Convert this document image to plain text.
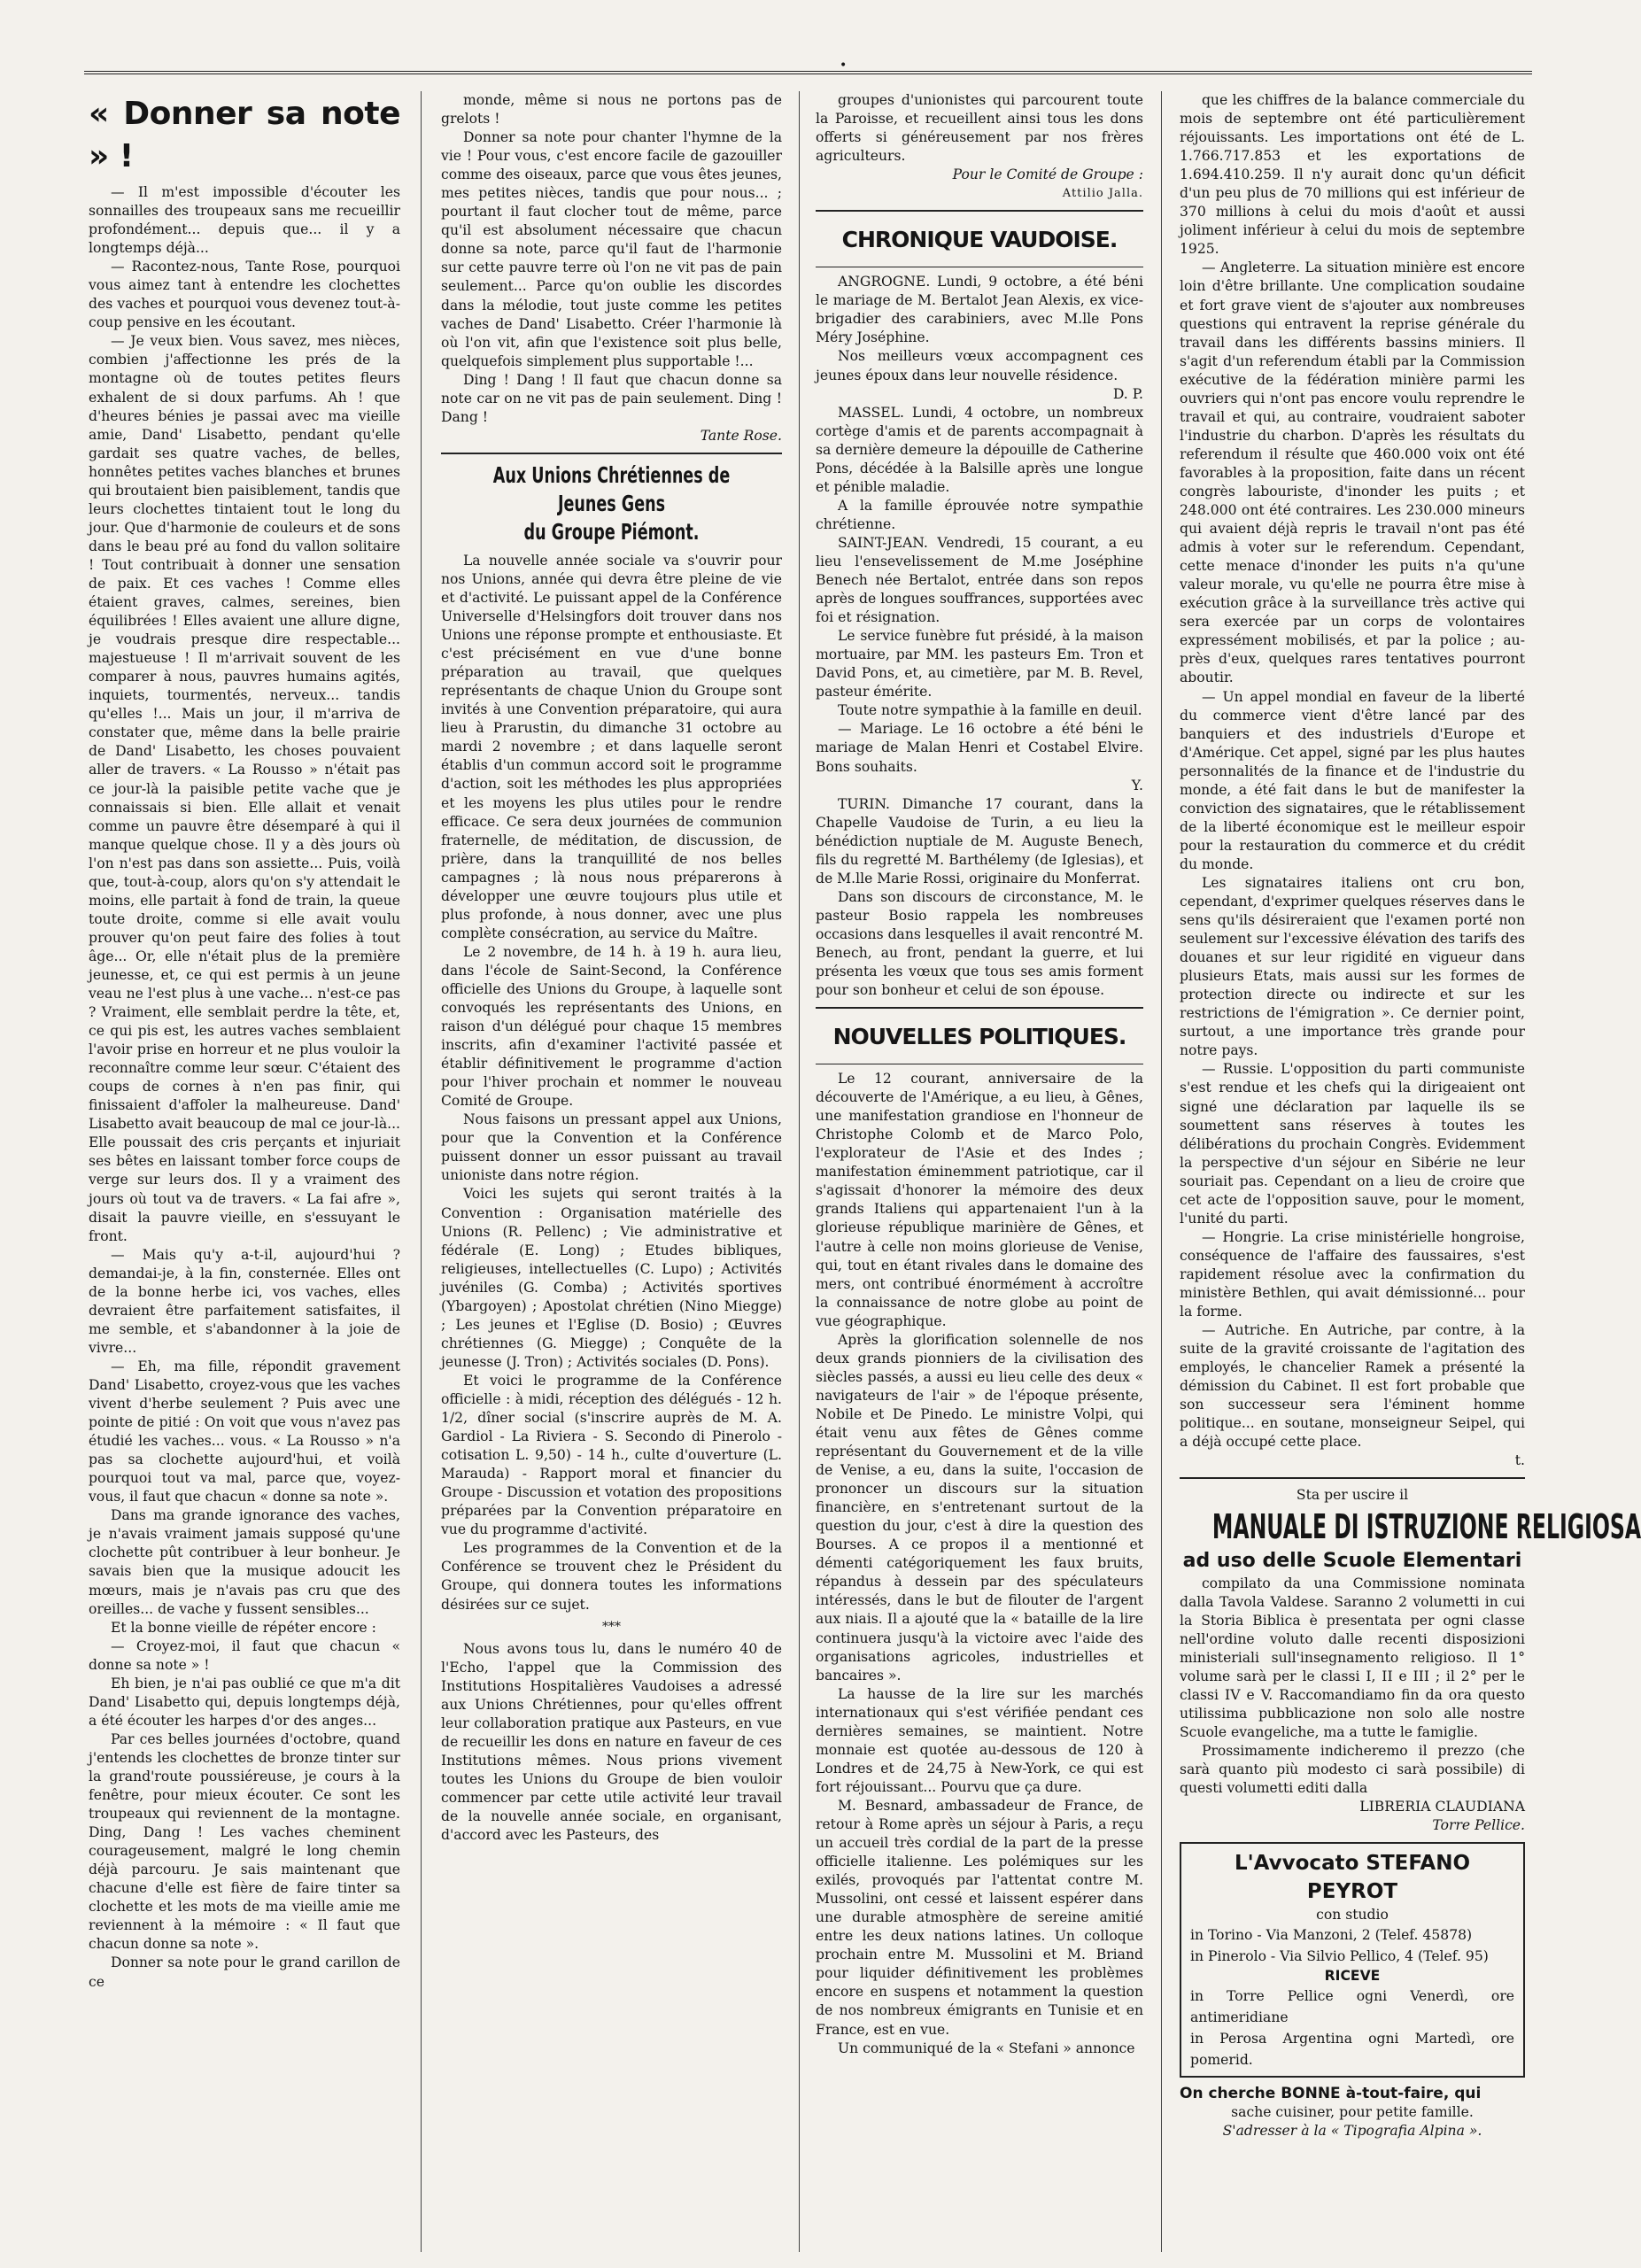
•
« Donner sa note » !

— Il m'est impossible d'écouter les sonnailles des troupeaux sans me recueillir profondément... depuis que... il y a longtemps déjà...

— Racontez-nous, Tante Rose, pourquoi vous aimez tant à entendre les clochettes des vaches et pourquoi vous devenez tout-à-coup pensive en les écoutant.

— Je veux bien. Vous savez, mes nièces, combien j'affectionne les prés de la montagne où de toutes petites fleurs exhalent de si doux parfums. Ah ! que d'heures bénies je passai avec ma vieille amie, Dand' Lisabetto, pendant qu'elle gardait ses quatre vaches, de belles, honnêtes petites vaches blanches et brunes qui broutaient bien paisiblement, tandis que leurs clochettes tintaient tout le long du jour. Que d'harmonie de couleurs et de sons dans le beau pré au fond du vallon solitaire ! Tout contribuait à donner une sensation de paix. Et ces vaches ! Comme elles étaient graves, calmes, sereines, bien équilibrées ! Elles avaient une allure digne, je voudrais presque dire respectable... majestueuse ! Il m'arrivait souvent de les comparer à nous, pauvres humains agités, inquiets, tourmentés, nerveux... tandis qu'elles !... Mais un jour, il m'arriva de constater que, même dans la belle prairie de Dand' Lisabetto, les choses pouvaient aller de travers. « La Rousso » n'était pas ce jour-là la paisible petite vache que je connaissais si bien. Elle allait et venait comme un pauvre être désemparé à qui il manque quelque chose. Il y a dès jours où l'on n'est pas dans son assiette... Puis, voilà que, tout-à-coup, alors qu'on s'y attendait le moins, elle partait à fond de train, la queue toute droite, comme si elle avait voulu prouver qu'on peut faire des folies à tout âge... Or, elle n'était plus de la première jeunesse, et, ce qui est permis à un jeune veau ne l'est plus à une vache... n'est-ce pas ? Vraiment, elle semblait perdre la tête, et, ce qui pis est, les autres vaches semblaient l'avoir prise en horreur et ne plus vouloir la reconnaître comme leur sœur. C'étaient des coups de cornes à n'en pas finir, qui finissaient d'affoler la malheureuse. Dand' Lisabetto avait beaucoup de mal ce jour-là... Elle poussait des cris perçants et injuriait ses bêtes en laissant tomber force coups de verge sur leurs dos. Il y a vraiment des jours où tout va de travers. « La fai afre », disait la pauvre vieille, en s'essuyant le front.

— Mais qu'y a-t-il, aujourd'hui ? demandai-je, à la fin, consternée. Elles ont de la bonne herbe ici, vos vaches, elles devraient être parfaitement satisfaites, il me semble, et s'abandonner à la joie de vivre...

— Eh, ma fille, répondit gravement Dand' Lisabetto, croyez-vous que les vaches vivent d'herbe seulement ? Puis avec une pointe de pitié : On voit que vous n'avez pas étudié les vaches... vous. « La Rousso » n'a pas sa clochette aujourd'hui, et voilà pourquoi tout va mal, parce que, voyez-vous, il faut que chacun « donne sa note ».

Dans ma grande ignorance des vaches, je n'avais vraiment jamais supposé qu'une clochette pût contribuer à leur bonheur. Je savais bien que la musique adoucit les mœurs, mais je n'avais pas cru que des oreilles... de vache y fussent sensibles...

Et la bonne vieille de répéter encore :

— Croyez-moi, il faut que chacun « donne sa note » !

Eh bien, je n'ai pas oublié ce que m'a dit Dand' Lisabetto qui, depuis longtemps déjà, a été écouter les harpes d'or des anges...

Par ces belles journées d'octobre, quand j'entends les clochettes de bronze tinter sur la grand'route poussiéreuse, je cours à la fenêtre, pour mieux écouter. Ce sont les troupeaux qui reviennent de la montagne. Ding, Dang ! Les vaches cheminent courageusement, malgré le long chemin déjà parcouru. Je sais maintenant que chacune d'elle est fière de faire tinter sa clochette et les mots de ma vieille amie me reviennent à la mémoire : « Il faut que chacun donne sa note ».

Donner sa note pour le grand carillon de ce

monde, même si nous ne portons pas de grelots !

Donner sa note pour chanter l'hymne de la vie ! Pour vous, c'est encore facile de gazouiller comme des oiseaux, parce que vous êtes jeunes, mes petites nièces, tandis que pour nous... ; pourtant il faut clocher tout de même, parce qu'il est absolument nécessaire que chacun donne sa note, parce qu'il faut de l'harmonie sur cette pauvre terre où l'on ne vit pas de pain seulement... Parce qu'on oublie les discordes dans la mélodie, tout juste comme les petites vaches de Dand' Lisabetto. Créer l'harmonie là où l'on vit, afin que l'existence soit plus belle, quelquefois simplement plus supportable !...

Ding ! Dang ! Il faut que chacun donne sa note car on ne vit pas de pain seulement. Ding ! Dang !

Tante Rose.
Aux Unions Chrétiennes de Jeunes Gens
du Groupe Piémont.

La nouvelle année sociale va s'ouvrir pour nos Unions, année qui devra être pleine de vie et d'activité. Le puissant appel de la Conférence Universelle d'Helsingfors doit trouver dans nos Unions une réponse prompte et enthousiaste. Et c'est précisément en vue d'une bonne préparation au travail, que quelques représentants de chaque Union du Groupe sont invités à une Convention préparatoire, qui aura lieu à Prarustin, du dimanche 31 octobre au mardi 2 novembre ; et dans laquelle seront établis d'un commun accord soit le programme d'action, soit les méthodes les plus appropriées et les moyens les plus utiles pour le rendre efficace. Ce sera deux journées de communion fraternelle, de méditation, de discussion, de prière, dans la tranquillité de nos belles campagnes ; là nous nous préparerons à développer une œuvre toujours plus utile et plus profonde, à nous donner, avec une plus complète consécration, au service du Maître.

Le 2 novembre, de 14 h. à 19 h. aura lieu, dans l'école de Saint-Second, la Conférence officielle des Unions du Groupe, à laquelle sont convoqués les représentants des Unions, en raison d'un délégué pour chaque 15 membres inscrits, afin d'examiner l'activité passée et établir définitivement le programme d'action pour l'hiver prochain et nommer le nouveau Comité de Groupe.

Nous faisons un pressant appel aux Unions, pour que la Convention et la Conférence puissent donner un essor puissant au travail unioniste dans notre région.

Voici les sujets qui seront traités à la Convention : Organisation matérielle des Unions (R. Pellenc) ; Vie administrative et fédérale (E. Long) ; Etudes bibliques, religieuses, intellectuelles (C. Lupo) ; Activités juvéniles (G. Comba) ; Activités sportives (Ybargoyen) ; Apostolat chrétien (Nino Miegge) ; Les jeunes et l'Eglise (D. Bosio) ; Œuvres chrétiennes (G. Miegge) ; Conquête de la jeunesse (J. Tron) ; Activités sociales (D. Pons).

Et voici le programme de la Conférence officielle : à midi, réception des délégués - 12 h. 1/2, dîner social (s'inscrire auprès de M. A. Gardiol - La Riviera - S. Secondo di Pinerolo - cotisation L. 9,50) - 14 h., culte d'ouverture (L. Marauda) - Rapport moral et financier du Groupe - Discussion et votation des propositions préparées par la Convention préparatoire en vue du programme d'activité.

Les programmes de la Convention et de la Conférence se trouvent chez le Président du Groupe, qui donnera toutes les informations désirées sur ce sujet.

***

Nous avons tous lu, dans le numéro 40 de l'Echo, l'appel que la Commission des Institutions Hospitalières Vaudoises a adressé aux Unions Chrétiennes, pour qu'elles offrent leur collaboration pratique aux Pasteurs, en vue de recueillir les dons en nature en faveur de ces Institutions mêmes. Nous prions vivement toutes les Unions du Groupe de bien vouloir commencer par cette utile activité leur travail de la nouvelle année sociale, en organisant, d'accord avec les Pasteurs, des

groupes d'unionistes qui parcourent toute la Paroisse, et recueillent ainsi tous les dons offerts si généreusement par nos frères agriculteurs.

Pour le Comité de Groupe :
Attilio Jalla.
CHRONIQUE VAUDOISE.

ANGROGNE. Lundi, 9 octobre, a été béni le mariage de M. Bertalot Jean Alexis, ex vice-brigadier des carabiniers, avec M.lle Pons Méry Joséphine.

Nos meilleurs vœux accompagnent ces jeunes époux dans leur nouvelle résidence.

D. P.

MASSEL. Lundi, 4 octobre, un nombreux cortège d'amis et de parents accompagnait à sa dernière demeure la dépouille de Catherine Pons, décédée à la Balsille après une longue et pénible maladie.

A la famille éprouvée notre sympathie chrétienne.

SAINT-JEAN. Vendredi, 15 courant, a eu lieu l'ensevelissement de M.me Joséphine Benech née Bertalot, entrée dans son repos après de longues souffrances, supportées avec foi et résignation.

Le service funèbre fut présidé, à la maison mortuaire, par MM. les pasteurs Em. Tron et David Pons, et, au cimetière, par M. B. Revel, pasteur émérite.

Toute notre sympathie à la famille en deuil.

— Mariage. Le 16 octobre a été béni le mariage de Malan Henri et Costabel Elvire. Bons souhaits.

Y.

TURIN. Dimanche 17 courant, dans la Chapelle Vaudoise de Turin, a eu lieu la bénédiction nuptiale de M. Auguste Benech, fils du regretté M. Barthélemy (de Iglesias), et de M.lle Marie Rossi, originaire du Monferrat.

Dans son discours de circonstance, M. le pasteur Bosio rappela les nombreuses occasions dans lesquelles il avait rencontré M. Benech, au front, pendant la guerre, et lui présenta les vœux que tous ses amis forment pour son bonheur et celui de son épouse.

NOUVELLES POLITIQUES.

Le 12 courant, anniversaire de la découverte de l'Amérique, a eu lieu, à Gênes, une manifestation grandiose en l'honneur de Christophe Colomb et de Marco Polo, l'explorateur de l'Asie et des Indes ; manifestation éminemment patriotique, car il s'agissait d'honorer la mémoire des deux grands Italiens qui appartenaient l'un à la glorieuse république marinière de Gênes, et l'autre à celle non moins glorieuse de Venise, qui, tout en étant rivales dans le domaine des mers, ont contribué énormément à accroître la connaissance de notre globe au point de vue géographique.

Après la glorification solennelle de nos deux grands pionniers de la civilisation des siècles passés, a aussi eu lieu celle des deux « navigateurs de l'air » de l'époque présente, Nobile et De Pinedo. Le ministre Volpi, qui était venu aux fêtes de Gênes comme représentant du Gouvernement et de la ville de Venise, a eu, dans la suite, l'occasion de prononcer un discours sur la situation financière, en s'entretenant surtout de la question du jour, c'est à dire la question des Bourses. A ce propos il a mentionné et démenti catégoriquement les faux bruits, répandus à dessein par des spéculateurs intéressés, dans le but de filouter de l'argent aux niais. Il a ajouté que la « bataille de la lire continuera jusqu'à la victoire avec l'aide des organisations agricoles, industrielles et bancaires ».

La hausse de la lire sur les marchés internationaux qui s'est vérifiée pendant ces dernières semaines, se maintient. Notre monnaie est quotée au-dessous de 120 à Londres et de 24,75 à New-York, ce qui est fort réjouissant... Pourvu que ça dure.

M. Besnard, ambassadeur de France, de retour à Rome après un séjour à Paris, a reçu un accueil très cordial de la part de la presse officielle italienne. Les polémiques sur les exilés, provoqués par l'attentat contre M. Mussolini, ont cessé et laissent espérer dans une durable atmosphère de sereine amitié entre les deux nations latines. Un colloque prochain entre M. Mussolini et M. Briand pour liquider définitivement les problèmes encore en suspens et notamment la question de nos nombreux émigrants en Tunisie et en France, est en vue.

Un communiqué de la « Stefani » annonce

que les chiffres de la balance commerciale du mois de septembre ont été particulièrement réjouissants. Les importations ont été de L. 1.766.717.853 et les exportations de 1.694.410.259. Il n'y aurait donc qu'un déficit d'un peu plus de 70 millions qui est inférieur de 370 millions à celui du mois d'août et aussi joliment inférieur à celui du mois de septembre 1925.

— Angleterre. La situation minière est encore loin d'être brillante. Une complication soudaine et fort grave vient de s'ajouter aux nombreuses questions qui entravent la reprise générale du travail dans les différents bassins miniers. Il s'agit d'un referendum établi par la Commission exécutive de la fédération minière parmi les ouvriers qui n'ont pas encore voulu reprendre le travail et qui, au contraire, voudraient saboter l'industrie du charbon. D'après les résultats du referendum il résulte que 460.000 voix ont été favorables à la proposition, faite dans un récent congrès labouriste, d'inonder les puits ; et 248.000 ont été contraires. Les 230.000 mineurs qui avaient déjà repris le travail n'ont pas été admis à voter sur le referendum. Cependant, cette menace d'inonder les puits n'a qu'une valeur morale, vu qu'elle ne pourra être mise à exécution grâce à la surveillance très active qui sera exercée par un corps de volontaires expressément mobilisés, et par la police ; au-près d'eux, quelques rares tentatives pourront aboutir.

— Un appel mondial en faveur de la liberté du commerce vient d'être lancé par des banquiers et des industriels d'Europe et d'Amérique. Cet appel, signé par les plus hautes personnalités de la finance et de l'industrie du monde, a été fait dans le but de manifester la conviction des signataires, que le rétablissement de la liberté économique est le meilleur espoir pour la restauration du commerce et du crédit du monde.

Les signataires italiens ont cru bon, cependant, d'exprimer quelques réserves dans le sens qu'ils désireraient que l'examen porté non seulement sur l'excessive élévation des tarifs des douanes et sur leur rigidité en vigueur dans plusieurs Etats, mais aussi sur les formes de protection directe ou indirecte et sur les restrictions de l'émigration ». Ce dernier point, surtout, a une importance très grande pour notre pays.

— Russie. L'opposition du parti communiste s'est rendue et les chefs qui la dirigeaient ont signé une déclaration par laquelle ils se soumettent sans réserves à toutes les délibérations du prochain Congrès. Evidemment la perspective d'un séjour en Sibérie ne leur souriait pas. Cependant on a lieu de croire que cet acte de l'opposition sauve, pour le moment, l'unité du parti.

— Hongrie. La crise ministérielle hongroise, conséquence de l'affaire des faussaires, s'est rapidement résolue avec la confirmation du ministère Bethlen, qui avait démissionné... pour la forme.

— Autriche. En Autriche, par contre, à la suite de la gravité croissante de l'agitation des employés, le chancelier Ramek a présenté la démission du Cabinet. Il est fort probable que son successeur sera l'éminent homme politique... en soutane, monseigneur Seipel, qui a déjà occupé cette place.

t.
Sta per uscire il
MANUALE DI ISTRUZIONE RELIGIOSA
ad uso delle Scuole Elementari

compilato da una Commissione nominata dalla Tavola Valdese. Saranno 2 volumetti in cui la Storia Biblica è presentata per ogni classe nell'ordine voluto dalle recenti disposizioni ministeriali sull'insegnamento religioso. Il 1° volume sarà per le classi I, II e III ; il 2° per le classi IV e V. Raccomandiamo fin da ora questo utilissima pubblicazione non solo alle nostre Scuole evangeliche, ma a tutte le famiglie.

Prossimamente indicheremo il prezzo (che sarà quanto più modesto ci sarà possibile) di questi volumetti editi dalla

LIBRERIA CLAUDIANA
Torre Pellice.
L'Avvocato STEFANO PEYROT
con studio
in Torino - Via Manzoni, 2 (Telef. 45878)
in Pinerolo - Via Silvio Pellico, 4 (Telef. 95)
RICEVE
in Torre Pellice ogni Venerdì, ore antimeridiane
in Perosa Argentina ogni Martedì, ore pomerid.
On cherche BONNE à-tout-faire, qui
sache cuisiner, pour petite famille.
S'adresser à la « Tipografia Alpina ».
